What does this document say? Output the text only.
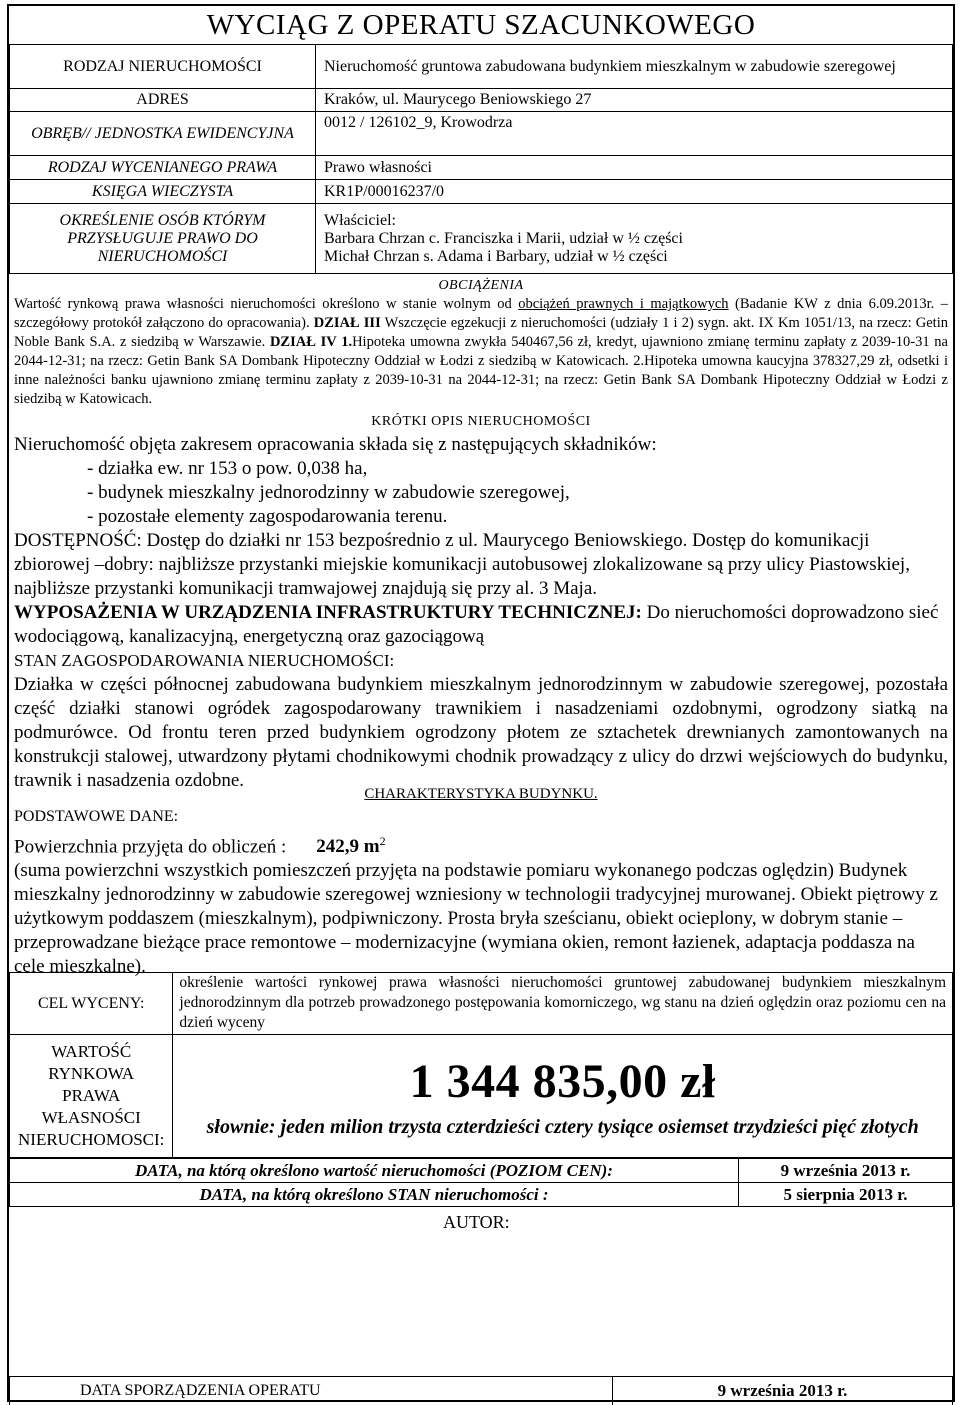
WYCIĄG Z OPERATU SZACUNKOWEGO
RODZAJ NIERUCHOMOŚCI	Nieruchomość gruntowa zabudowana budynkiem mieszkalnym w zabudowie szeregowej
ADRES	Kraków, ul. Maurycego Beniowskiego 27
OBRĘB// JEDNOSTKA EWIDENCYJNA	0012 / 126102_9, Krowodrza
RODZAJ WYCENIANEGO PRAWA	Prawo własności
KSIĘGA WIECZYSTA	KR1P/00016237/0
OKREŚLENIE OSÓB KTÓRYM PRZYSŁUGUJE PRAWO DO NIERUCHOMOŚCI	Właściciel:
Barbara Chrzan c. Franciszka i Marii, udział w ½ części
Michał Chrzan s. Adama i Barbary, udział w ½ części
OBCIĄŻENIA
Wartość rynkową prawa własności nieruchomości określono w stanie wolnym od obciążeń prawnych i majątkowych (Badanie KW z dnia 6.09.2013r. – szczegółowy protokół załączono do opracowania). DZIAŁ III Wszczęcie egzekucji z nieruchomości (udziały 1 i 2) sygn. akt. IX Km 1051/13, na rzecz: Getin Noble Bank S.A. z siedzibą w Warszawie. DZIAŁ IV 1.Hipoteka umowna zwykła 540467,56 zł, kredyt, ujawniono zmianę terminu zapłaty z 2039-10-31 na 2044-12-31; na rzecz: Getin Bank SA Dombank Hipoteczny Oddział w Łodzi z siedzibą w Katowicach. 2.Hipoteka umowna kaucyjna 378327,29 zł, odsetki i inne należności banku ujawniono zmianę terminu zapłaty z 2039-10-31 na 2044-12-31; na rzecz: Getin Bank SA Dombank Hipoteczny Oddział w Łodzi z siedzibą w Katowicach.
KRÓTKI OPIS NIERUCHOMOŚCI
Nieruchomość objęta zakresem opracowania składa się z następujących składników:
- działka ew. nr 153 o pow. 0,038 ha,
- budynek mieszkalny jednorodzinny w zabudowie szeregowej,
- pozostałe elementy zagospodarowania terenu.
DOSTĘPNOŚĆ: Dostęp do działki nr 153 bezpośrednio z ul. Maurycego Beniowskiego. Dostęp do komunikacji zbiorowej –dobry: najbliższe przystanki miejskie komunikacji autobusowej zlokalizowane są przy ulicy Piastowskiej, najbliższe przystanki komunikacji tramwajowej znajdują się przy al. 3 Maja.
WYPOSAŻENIA W URZĄDZENIA INFRASTRUKTURY TECHNICZNEJ: Do nieruchomości doprowadzono sieć wodociągową, kanalizacyjną, energetyczną oraz gazociągową
STAN ZAGOSPODAROWANIA NIERUCHOMOŚCI:
Działka w części północnej zabudowana budynkiem mieszkalnym jednorodzinnym w zabudowie szeregowej, pozostała część działki stanowi ogródek zagospodarowany trawnikiem i nasadzeniami ozdobnymi, ogrodzony siatką na podmurówce. Od frontu teren przed budynkiem ogrodzony płotem ze sztachetek drewnianych zamontowanych na konstrukcji stalowej, utwardzony płytami chodnikowymi chodnik prowadzący z ulicy do drzwi wejściowych do budynku, trawnik i nasadzenia ozdobne.
CHARAKTERYSTYKA BUDYNKU.
PODSTAWOWE DANE:
Powierzchnia przyjęta do obliczeń : 242,9 $m^2$
(suma powierzchni wszystkich pomieszczeń przyjęta na podstawie pomiaru wykonanego podczas oględzin) Budynek mieszkalny jednorodzinny w zabudowie szeregowej wzniesiony w technologii tradycyjnej murowanej. Obiekt piętrowy z użytkowym poddaszem (mieszkalnym), podpiwniczony. Prosta bryła sześcianu, obiekt ocieplony, w dobrym stanie – przeprowadzane bieżące prace remontowe – modernizacyjne (wymiana okien, remont łazienek, adaptacja poddasza na cele mieszkalne).
CEL WYCENY:	określenie wartości rynkowej prawa własności nieruchomości gruntowej zabudowanej budynkiem mieszkalnym jednorodzinnym dla potrzeb prowadzonego postępowania komorniczego, wg stanu na dzień oględzin oraz poziomu cen na dzień wyceny
WARTOŚĆ RYNKOWA PRAWA WŁASNOŚCI NIERUCHOMOSCI:	1 344 835,00 zł
słownie: jeden milion trzysta czterdzieści cztery tysiące osiemset trzydzieści pięć złotych
DATA, na którą określono wartość nieruchomości (POZIOM CEN):	9 września 2013 r.
DATA, na którą określono STAN nieruchomości :	5 sierpnia 2013 r.
AUTOR:
DATA SPORZĄDZENIA OPERATU	9 września 2013 r.
